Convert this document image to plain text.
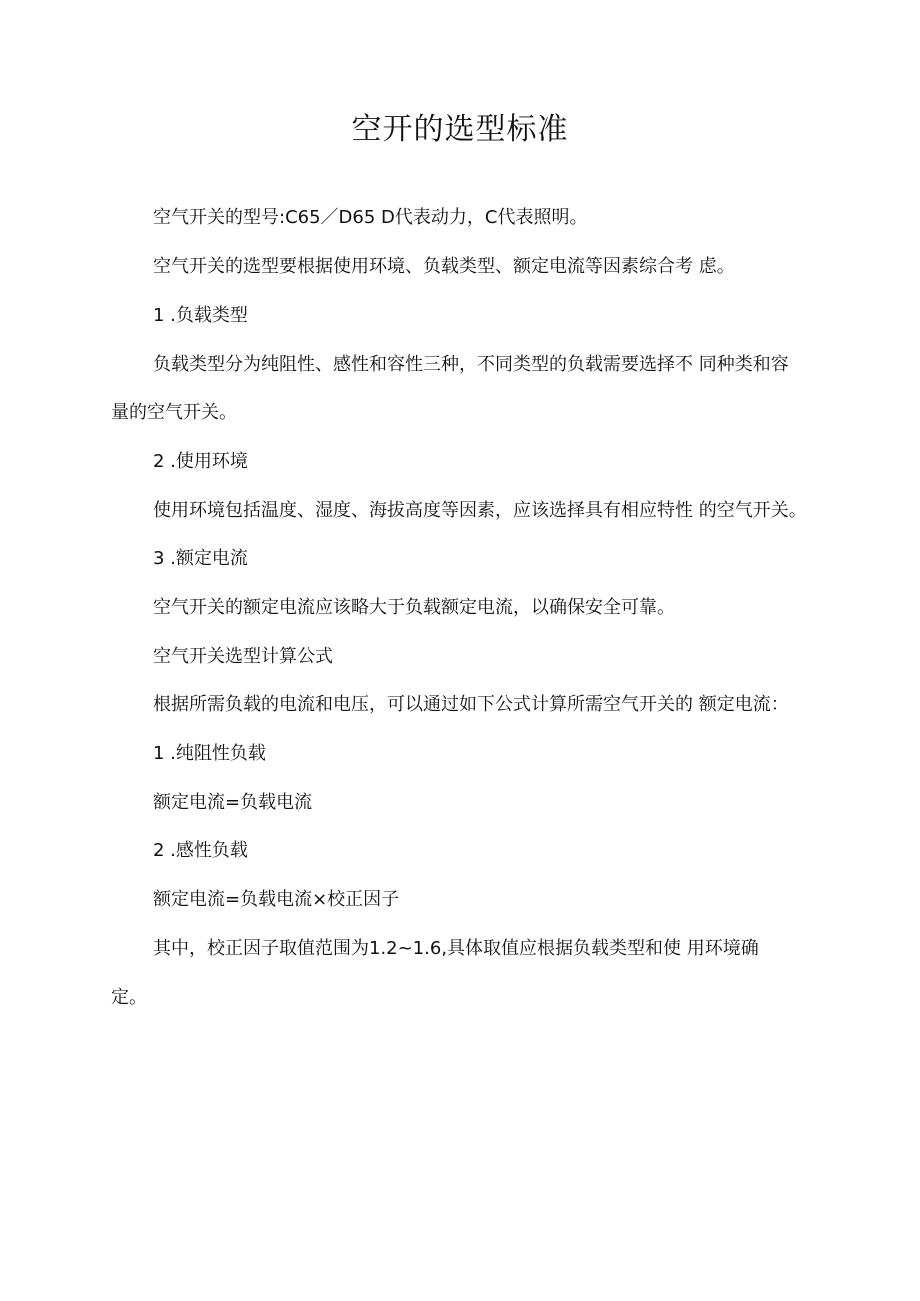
空开的选型标准

空气开关的型号:C65／D65 D代表动力，C代表照明。

空气开关的选型要根据使用环境、负载类型、额定电流等因素综合考 虑。

1 .负载类型

负载类型分为纯阻性、感性和容性三种，不同类型的负载需要选择不 同种类和容

量的空气开关。

2 .使用环境

使用环境包括温度、湿度、海拔高度等因素，应该选择具有相应特性 的空气开关。

3 .额定电流

空气开关的额定电流应该略大于负载额定电流，以确保安全可靠。

空气开关选型计算公式

根据所需负载的电流和电压，可以通过如下公式计算所需空气开关的 额定电流：

1 .纯阻性负载

额定电流=负载电流

2 .感性负载

额定电流=负载电流×校正因子

其中，校正因子取值范围为1.2~1.6,具体取值应根据负载类型和使 用环境确

定。
